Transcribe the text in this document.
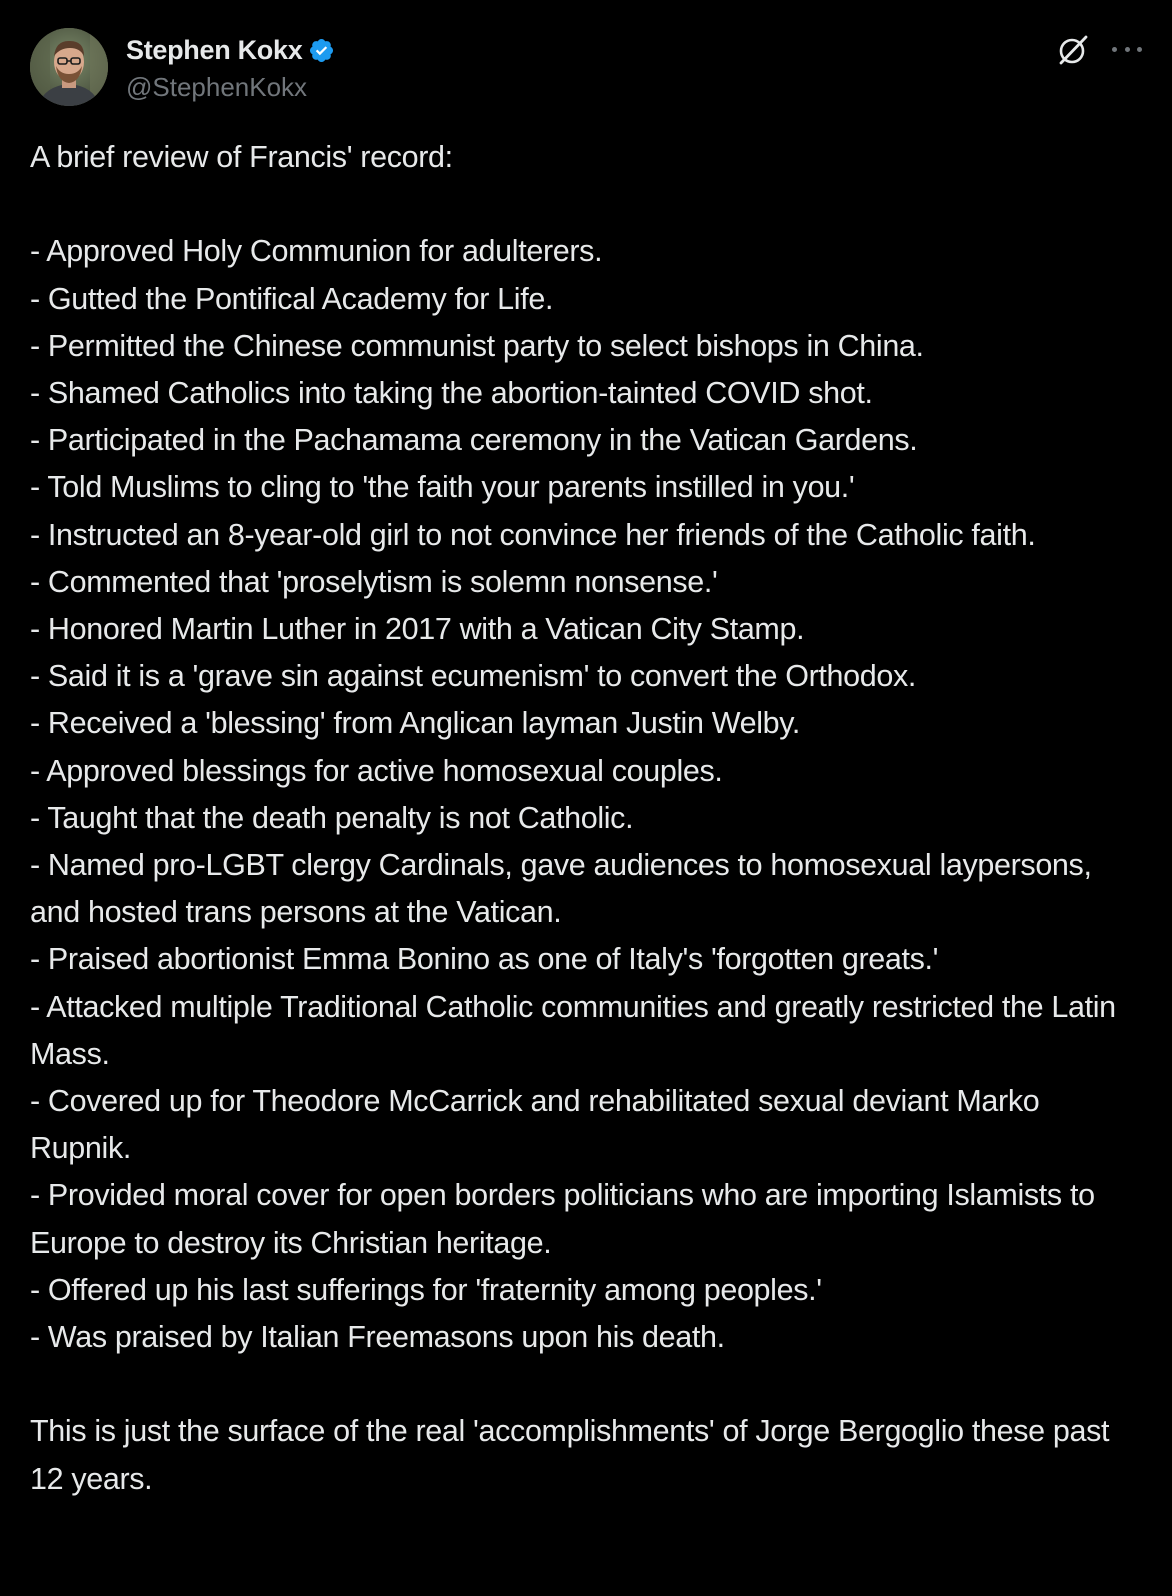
Stephen Kokx
@StephenKokx

A brief review of Francis' record:

- Approved Holy Communion for adulterers.

- Gutted the Pontifical Academy for Life.

- Permitted the Chinese communist party to select bishops in China.

- Shamed Catholics into taking the abortion-tainted COVID shot.

- Participated in the Pachamama ceremony in the Vatican Gardens.

- Told Muslims to cling to 'the faith your parents instilled in you.'

- Instructed an 8-year-old girl to not convince her friends of the Catholic faith.

- Commented that 'proselytism is solemn nonsense.'

- Honored Martin Luther in 2017 with a Vatican City Stamp.

- Said it is a 'grave sin against ecumenism' to convert the Orthodox.

- Received a 'blessing' from Anglican layman Justin Welby.

- Approved blessings for active homosexual couples.

- Taught that the death penalty is not Catholic.

- Named pro-LGBT clergy Cardinals, gave audiences to homosexual laypersons, and hosted trans persons at the Vatican.

- Praised abortionist Emma Bonino as one of Italy's 'forgotten greats.'

- Attacked multiple Traditional Catholic communities and greatly restricted the Latin Mass.

- Covered up for Theodore McCarrick and rehabilitated sexual deviant Marko Rupnik.

- Provided moral cover for open borders politicians who are importing Islamists to Europe to destroy its Christian heritage.

- Offered up his last sufferings for 'fraternity among peoples.'

- Was praised by Italian Freemasons upon his death.

This is just the surface of the real 'accomplishments' of Jorge Bergoglio these past 12 years.
